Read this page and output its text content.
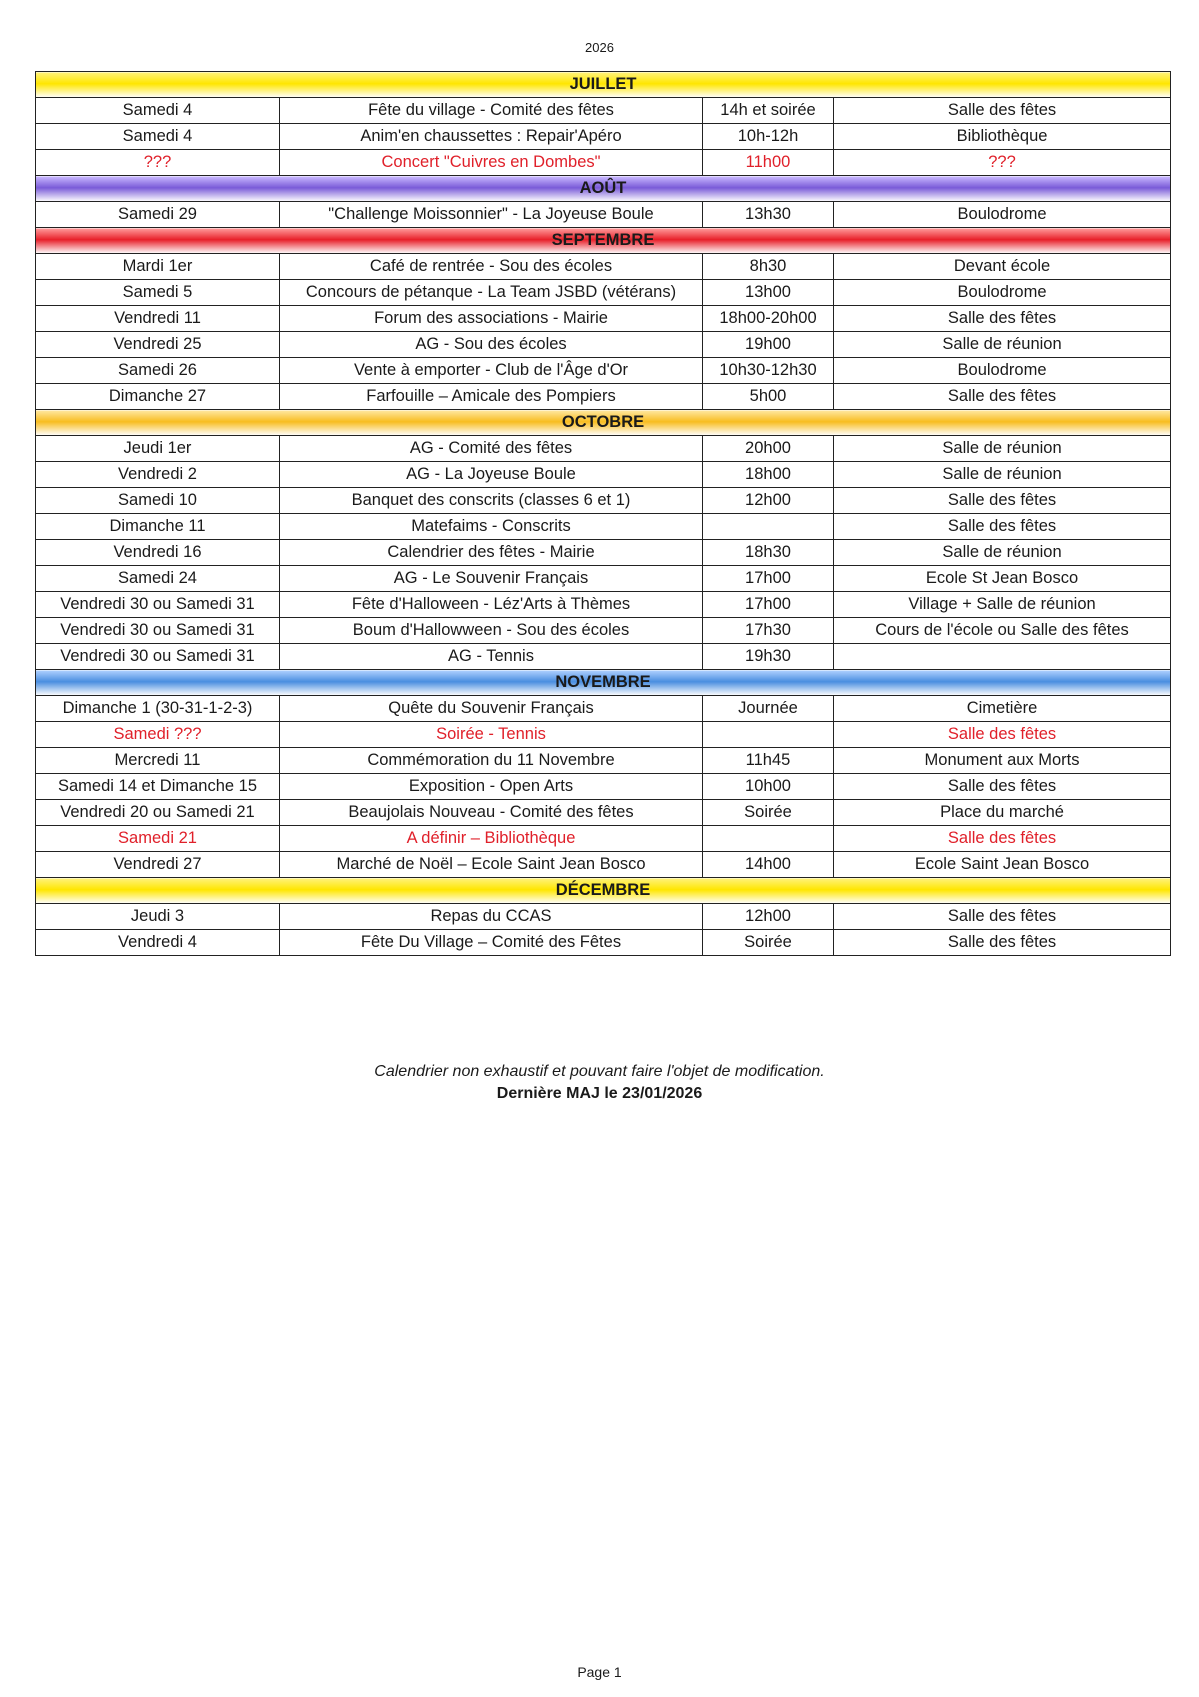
2026
JUILLET			
Samedi 4	Fête du village - Comité des fêtes	14h et soirée	Salle des fêtes
Samedi 4	Anim'en chaussettes : Repair'Apéro	10h-12h	Bibliothèque
???	Concert "Cuivres en Dombes"	11h00	???
AOÛT			
Samedi 29	"Challenge Moissonnier" - La Joyeuse Boule	13h30	Boulodrome
SEPTEMBRE			
Mardi 1er	Café de rentrée - Sou des écoles	8h30	Devant école
Samedi 5	Concours de pétanque - La Team JSBD (vétérans)	13h00	Boulodrome
Vendredi 11	Forum des associations - Mairie	18h00-20h00	Salle des fêtes
Vendredi 25	AG - Sou des écoles	19h00	Salle de réunion
Samedi 26	Vente à emporter - Club de l'Âge d'Or	10h30-12h30	Boulodrome
Dimanche 27	Farfouille – Amicale des Pompiers	5h00	Salle des fêtes
OCTOBRE			
Jeudi 1er	AG - Comité des fêtes	20h00	Salle de réunion
Vendredi 2	AG - La Joyeuse Boule	18h00	Salle de réunion
Samedi 10	Banquet des conscrits (classes 6 et 1)	12h00	Salle des fêtes
Dimanche 11	Matefaims - Conscrits		Salle des fêtes
Vendredi 16	Calendrier des fêtes - Mairie	18h30	Salle de réunion
Samedi 24	AG - Le Souvenir Français	17h00	Ecole St Jean Bosco
Vendredi 30 ou Samedi 31	Fête d'Halloween - Léz'Arts à Thèmes	17h00	Village + Salle de réunion
Vendredi 30 ou Samedi 31	Boum d'Hallowween - Sou des écoles	17h30	Cours de l'école ou Salle des fêtes
Vendredi 30 ou Samedi 31	AG - Tennis	19h30	
NOVEMBRE			
Dimanche 1 (30-31-1-2-3)	Quête du Souvenir Français	Journée	Cimetière
Samedi ???	Soirée - Tennis		Salle des fêtes
Mercredi 11	Commémoration du 11 Novembre	11h45	Monument aux Morts
Samedi 14 et Dimanche 15	Exposition - Open Arts	10h00	Salle des fêtes
Vendredi 20 ou Samedi 21	Beaujolais Nouveau - Comité des fêtes	Soirée	Place du marché
Samedi 21	A définir – Bibliothèque		Salle des fêtes
Vendredi 27	Marché de Noël – Ecole Saint Jean Bosco	14h00	Ecole Saint Jean Bosco
DÉCEMBRE			
Jeudi 3	Repas du CCAS	12h00	Salle des fêtes
Vendredi 4	Fête Du Village – Comité des Fêtes	Soirée	Salle des fêtes
Calendrier non exhaustif et pouvant faire l'objet de modification.
Dernière MAJ le 23/01/2026
Page 1
